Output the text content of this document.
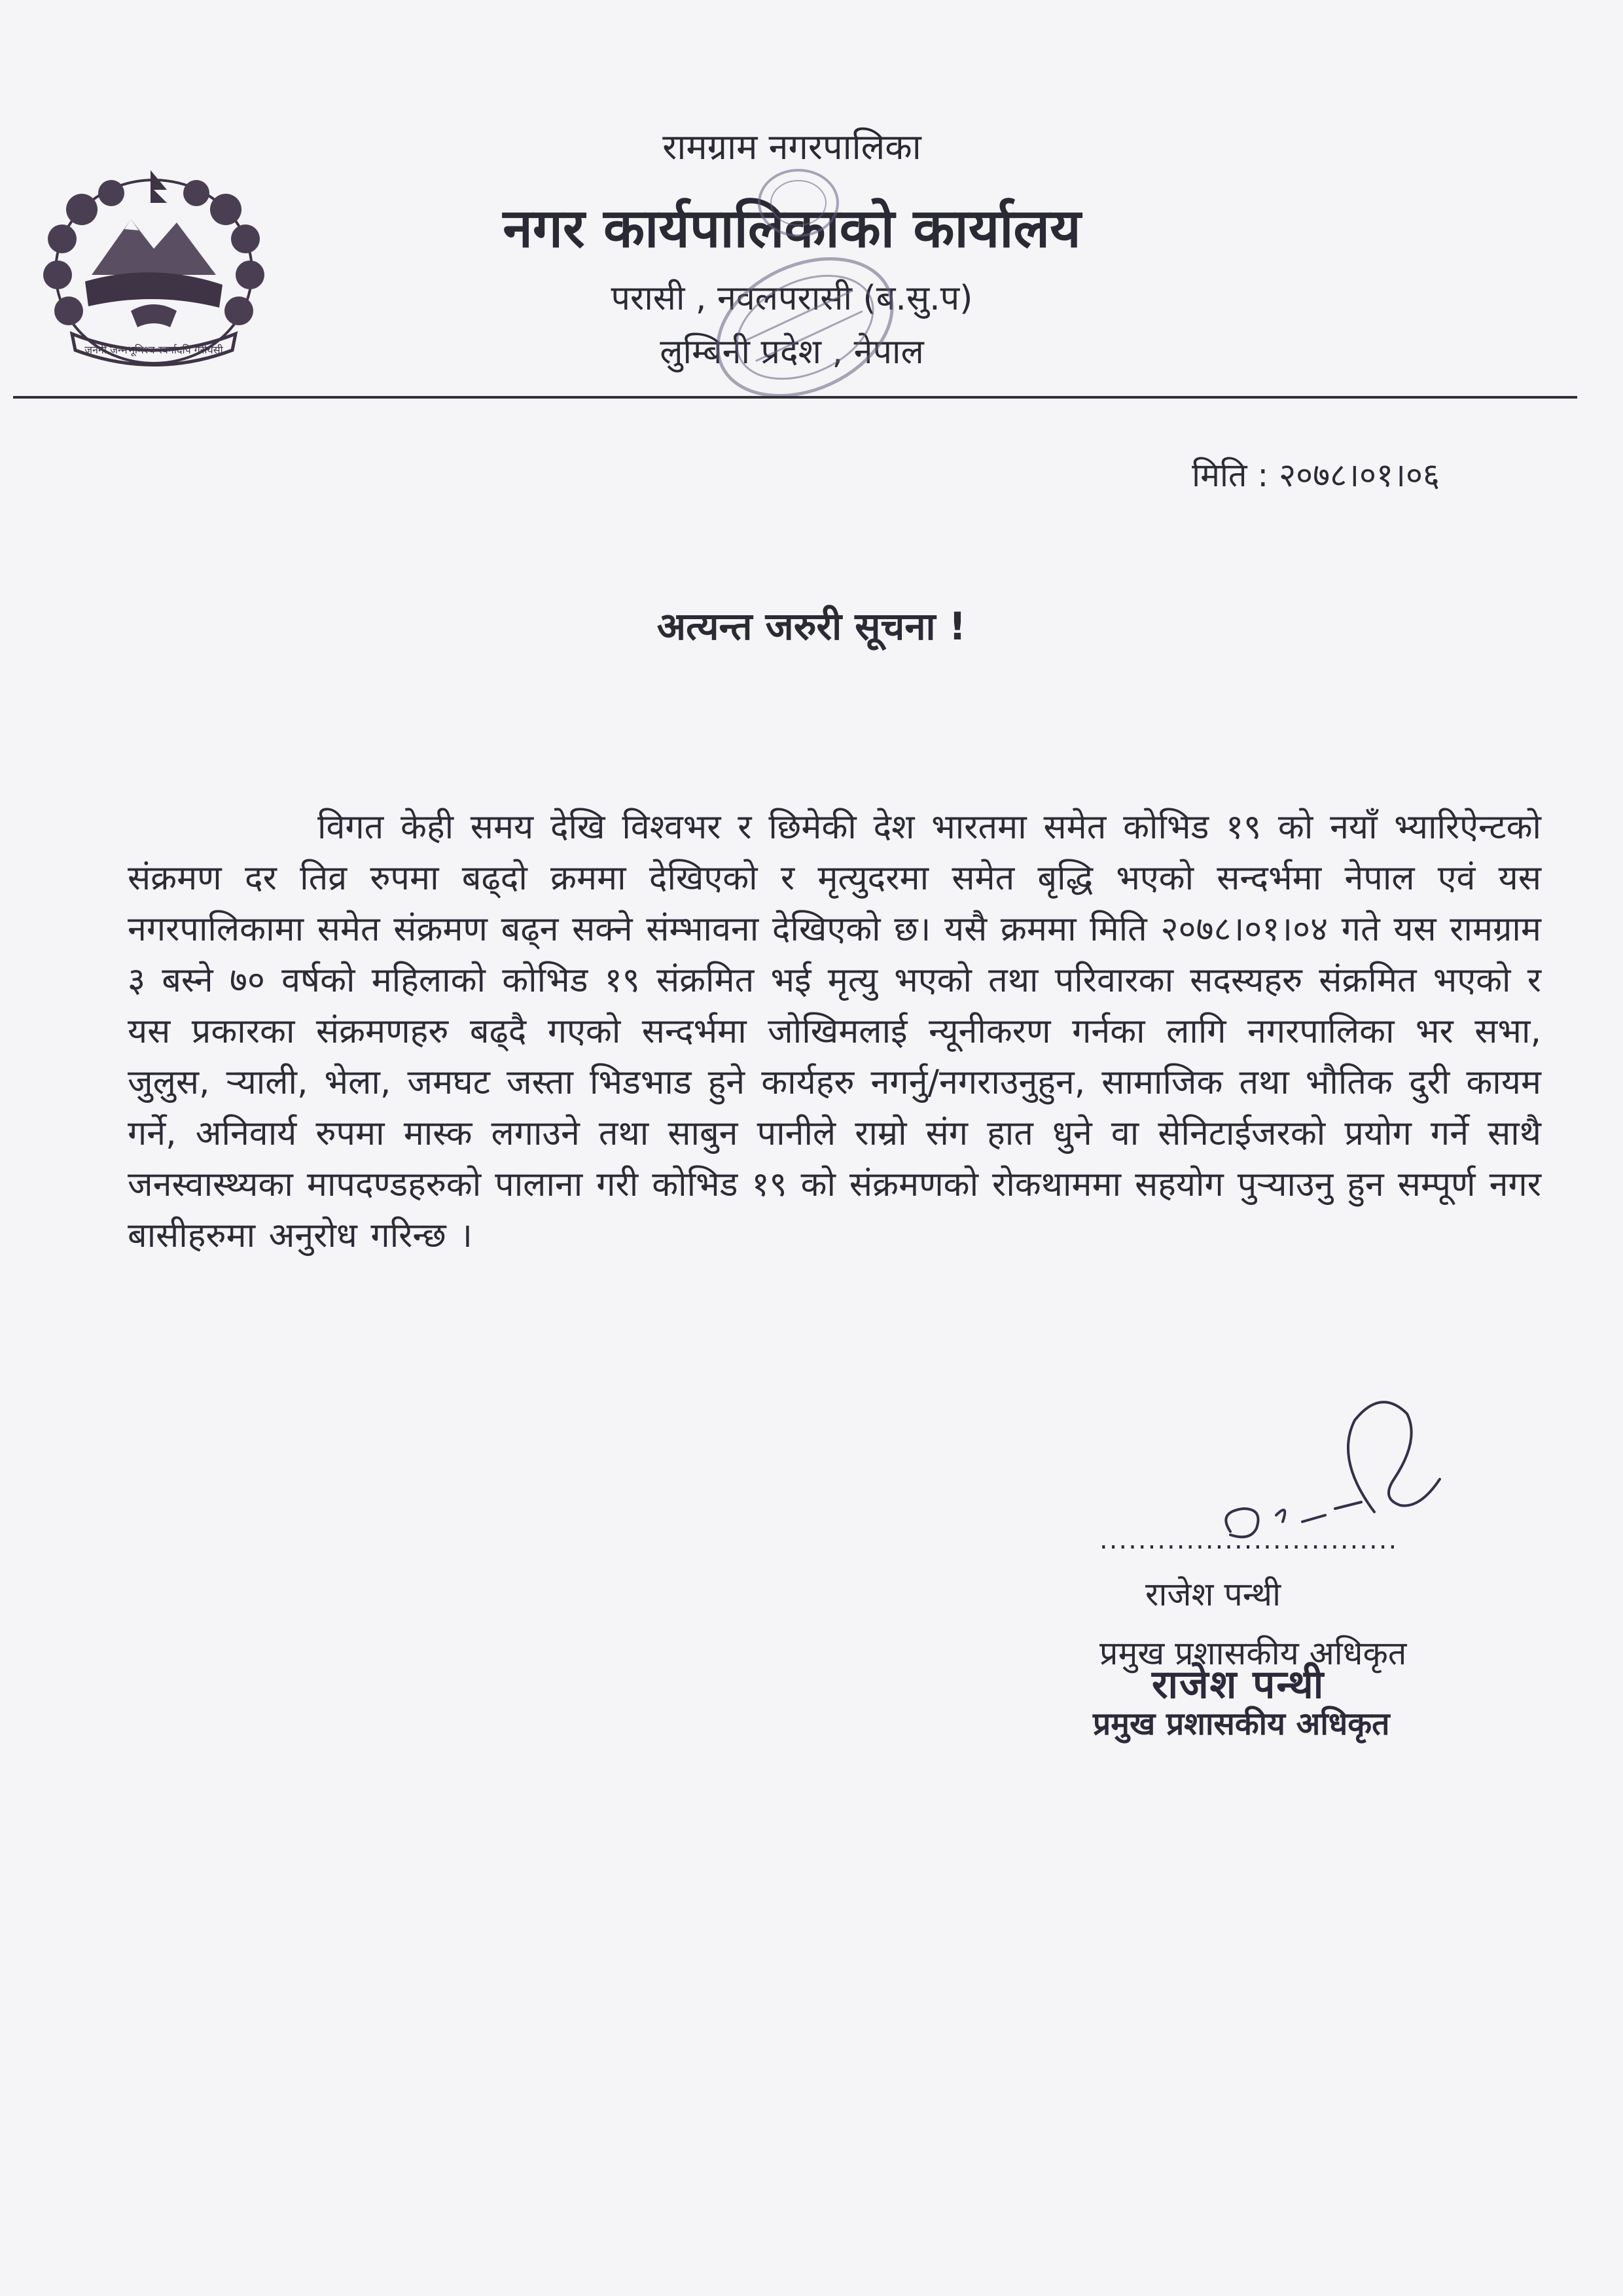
जननी जन्मभूमिश्च स्वर्गादपि गरीयसी
रामग्राम नगरपालिका
नगर कार्यपालिकाको कार्यालय
परासी , नवलपरासी (ब.सु.प)
लुम्बिनी प्रदेश , नेपाल
मिति : २०७८।०१।०६
अत्यन्त जरुरी सूचना !
विगत केही समय देखि विश्वभर र छिमेकी देश भारतमा समेत कोभिड १९ को नयाँ भ्यारिऐन्टको संक्रमण दर तिव्र रुपमा बढ्दो क्रममा देखिएको र मृत्युदरमा समेत बृद्धि भएको सन्दर्भमा नेपाल एवं यस नगरपालिकामा समेत संक्रमण बढ्न सक्ने संम्भावना देखिएको छ। यसै क्रममा मिति २०७८।०१।०४ गते यस रामग्राम ३ बस्ने ७० वर्षको महिलाको कोभिड १९ संक्रमित भई मृत्यु भएको तथा परिवारका सदस्यहरु संक्रमित भएको र यस प्रकारका संक्रमणहरु बढ्दै गएको सन्दर्भमा जोखिमलाई न्यूनीकरण गर्नका लागि नगरपालिका भर सभा, जुलुस, र्‍याली, भेला, जमघट जस्ता भिडभाड हुने कार्यहरु नगर्नु/नगराउनुहुन, सामाजिक तथा भौतिक दुरी कायम गर्ने, अनिवार्य रुपमा मास्क लगाउने तथा साबुन पानीले राम्रो संग हात धुने वा सेनिटाईजरको प्रयोग गर्ने साथै जनस्वास्थ्यका मापदण्डहरुको पालाना गरी कोभिड १९ को संक्रमणको रोकथाममा सहयोग पुर्‍याउनु हुन सम्पूर्ण नगर बासीहरुमा अनुरोध गरिन्छ ।
...............................
राजेश पन्थी
प्रमुख प्रशासकीय अधिकृत
राजेश पन्थी
प्रमुख प्रशासकीय अधिकृत
